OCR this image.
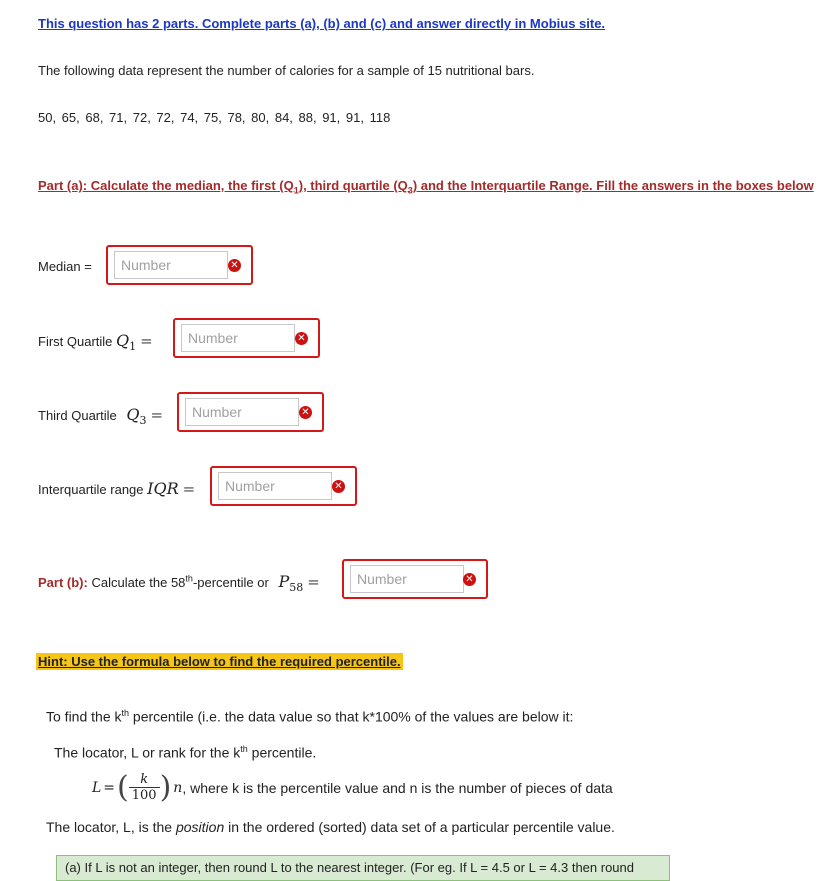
This question has 2 parts. Complete parts (a), (b) and (c) and answer directly in Mobius site.
The following data represent the number of calories for a sample of 15 nutritional bars.
50, 65, 68, 71, 72, 72, 74, 75, 78, 80, 84, 88, 91, 91, 118
Part (a): Calculate the median, the first $(Q_1)$, third quartile $(Q_3)$ and the Interquartile Range. Fill the answers in the boxes below
Median =
Number	✕
First Quartile $Q_1$ =
Number	✕
Third Quartile $Q_3$ =
Number	✕
Interquartile range IQR =
Number	✕
Part (b): Calculate the 58th-percentile or $P_{58}$ =
Number	✕
Hint: Use the formula below to find the required percentile.
To find the $k^{th}$ percentile (i.e. the data value so that k*100% of the values are below it:
The locator, L or rank for the $k^{th}$ percentile.
L = ( $\frac{k}{100}$ ) n , where k is the percentile value and n is the number of pieces of data
The locator, L, is the position in the ordered (sorted) data set of a particular percentile value.
(a) If L is not an integer, then round L to the nearest integer. (For eg. If L = 4.5 or L = 4.3 then round
